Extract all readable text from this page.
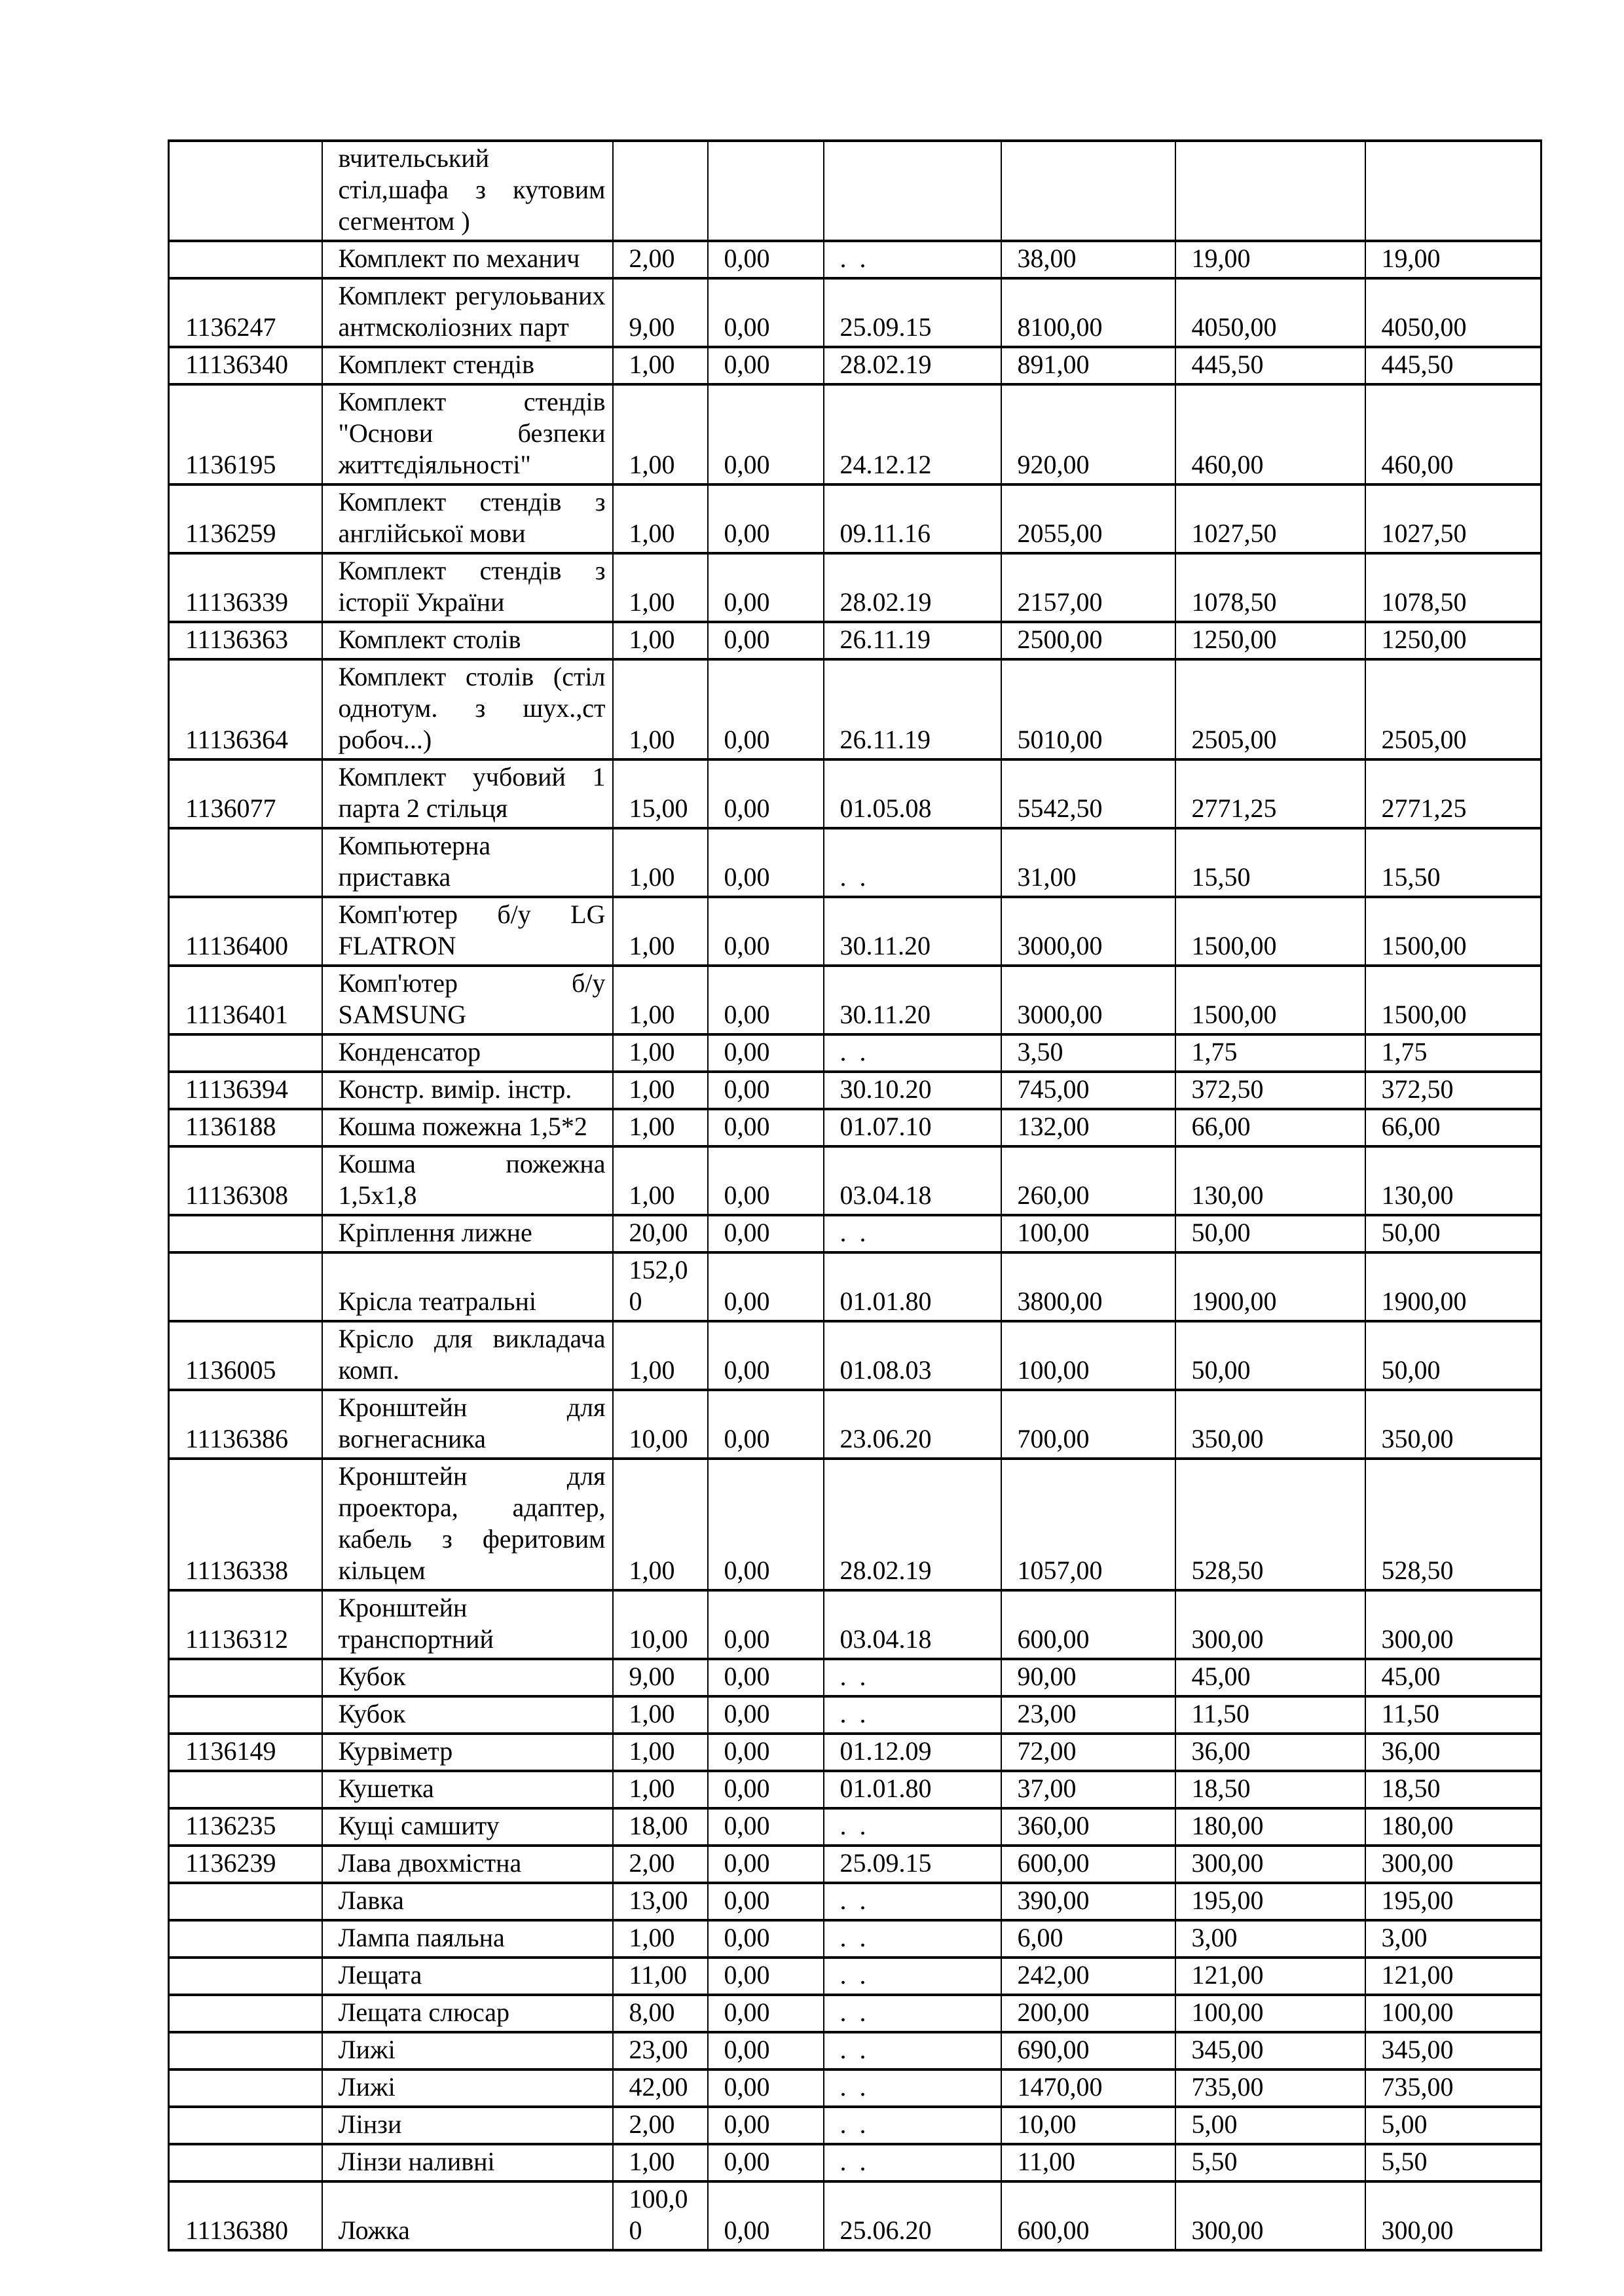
	вчительський стіл,шафа з кутовим сегментом )						
	Комплект по механич	2,00	0,00	.  .	38,00	19,00	19,00
1136247	Комплект регулоьваних антмсколіозних парт	9,00	0,00	25.09.15	8100,00	4050,00	4050,00
11136340	Комплект стендів	1,00	0,00	28.02.19	891,00	445,50	445,50
1136195	Комплект стендів "Основи безпеки життєдіяльності"	1,00	0,00	24.12.12	920,00	460,00	460,00
1136259	Комплект стендів з англійської мови	1,00	0,00	09.11.16	2055,00	1027,50	1027,50
11136339	Комплект стендів з історії України	1,00	0,00	28.02.19	2157,00	1078,50	1078,50
11136363	Комплект столів	1,00	0,00	26.11.19	2500,00	1250,00	1250,00
11136364	Комплект столів (стіл однотум. з шух.,ст робоч...)	1,00	0,00	26.11.19	5010,00	2505,00	2505,00
1136077	Комплект учбовий 1 парта 2 стільця	15,00	0,00	01.05.08	5542,50	2771,25	2771,25
	Компьютерна приставка	1,00	0,00	.  .	31,00	15,50	15,50
11136400	Комп'ютер б/у LG FLATRON	1,00	0,00	30.11.20	3000,00	1500,00	1500,00
11136401	Комп'ютер б/у SAMSUNG	1,00	0,00	30.11.20	3000,00	1500,00	1500,00
	Конденсатор	1,00	0,00	.  .	3,50	1,75	1,75
11136394	Констр. вимір. інстр.	1,00	0,00	30.10.20	745,00	372,50	372,50
1136188	Кошма пожежна 1,5*2	1,00	0,00	01.07.10	132,00	66,00	66,00
11136308	Кошма пожежна 1,5х1,8	1,00	0,00	03.04.18	260,00	130,00	130,00
	Кріплення лижне	20,00	0,00	.  .	100,00	50,00	50,00
	Крісла театральні	152,00	0,00	01.01.80	3800,00	1900,00	1900,00
1136005	Крісло для викладача комп.	1,00	0,00	01.08.03	100,00	50,00	50,00
11136386	Кронштейн для вогнегасника	10,00	0,00	23.06.20	700,00	350,00	350,00
11136338	Кронштейн для проектора, адаптер, кабель з феритовим кільцем	1,00	0,00	28.02.19	1057,00	528,50	528,50
11136312	Кронштейн транспортний	10,00	0,00	03.04.18	600,00	300,00	300,00
	Кубок	9,00	0,00	.  .	90,00	45,00	45,00
	Кубок	1,00	0,00	.  .	23,00	11,50	11,50
1136149	Курвіметр	1,00	0,00	01.12.09	72,00	36,00	36,00
	Кушетка	1,00	0,00	01.01.80	37,00	18,50	18,50
1136235	Кущі самшиту	18,00	0,00	.  .	360,00	180,00	180,00
1136239	Лава двохмістна	2,00	0,00	25.09.15	600,00	300,00	300,00
	Лавка	13,00	0,00	.  .	390,00	195,00	195,00
	Лампа паяльна	1,00	0,00	.  .	6,00	3,00	3,00
	Лещата	11,00	0,00	.  .	242,00	121,00	121,00
	Лещата слюсар	8,00	0,00	.  .	200,00	100,00	100,00
	Лижі	23,00	0,00	.  .	690,00	345,00	345,00
	Лижі	42,00	0,00	.  .	1470,00	735,00	735,00
	Лінзи	2,00	0,00	.  .	10,00	5,00	5,00
	Лінзи наливні	1,00	0,00	.  .	11,00	5,50	5,50
11136380	Ложка	100,00	0,00	25.06.20	600,00	300,00	300,00
